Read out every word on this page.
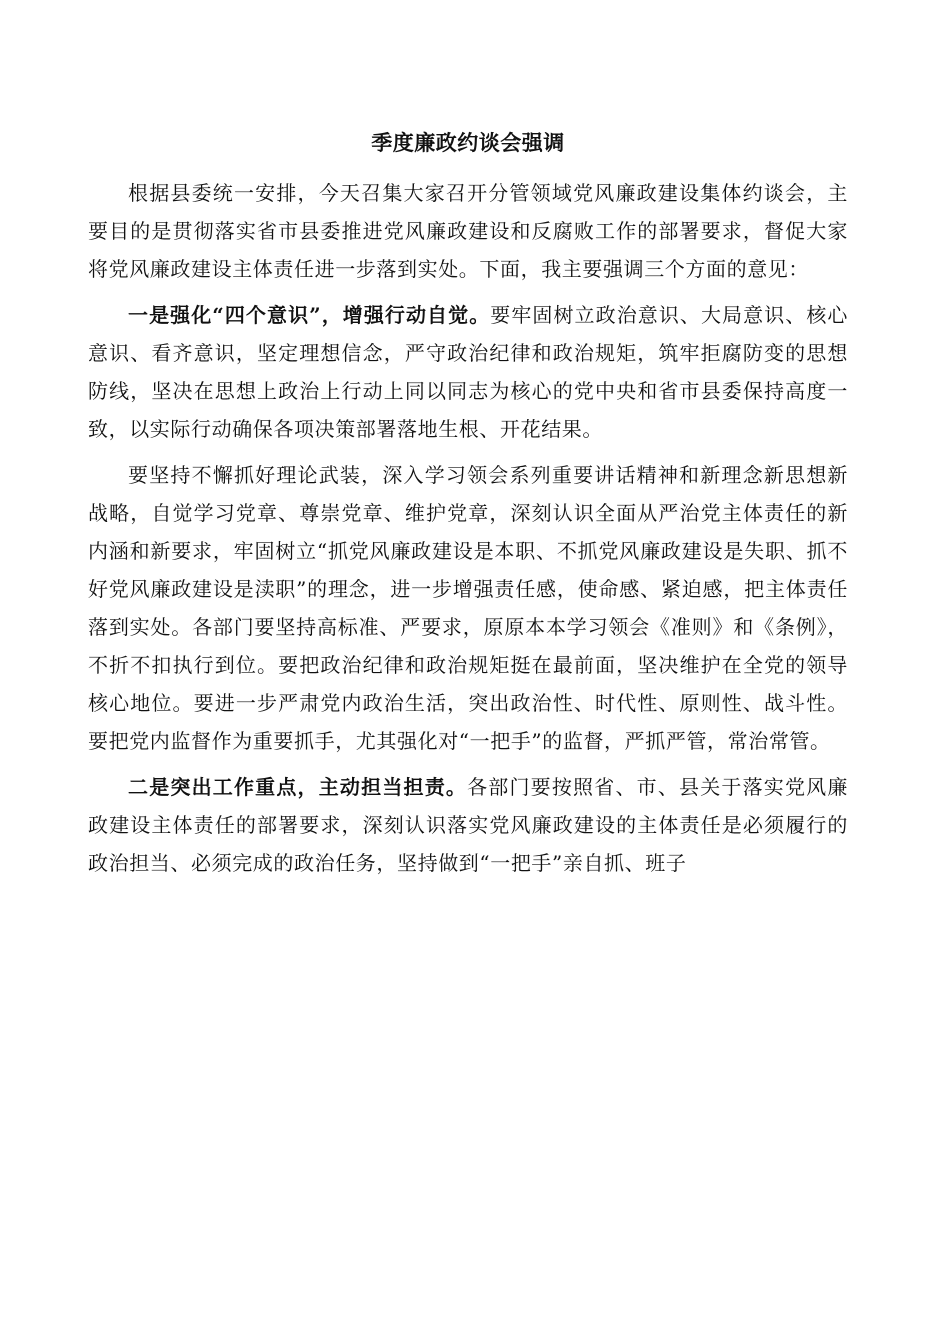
季度廉政约谈会强调

根据县委统一安排，今天召集大家召开分管领域党风廉政建设集体约谈会，主要目的是贯彻落实省市县委推进党风廉政建设和反腐败工作的部署要求，督促大家将党风廉政建设主体责任进一步落到实处。下面，我主要强调三个方面的意见：

一是强化“四个意识”，增强行动自觉。要牢固树立政治意识、大局意识、核心意识、看齐意识，坚定理想信念，严守政治纪律和政治规矩，筑牢拒腐防变的思想防线，坚决在思想上政治上行动上同以同志为核心的党中央和省市县委保持高度一致，以实际行动确保各项决策部署落地生根、开花结果。

要坚持不懈抓好理论武装，深入学习领会系列重要讲话精神和新理念新思想新战略，自觉学习党章、尊崇党章、维护党章，深刻认识全面从严治党主体责任的新内涵和新要求，牢固树立“抓党风廉政建设是本职、不抓党风廉政建设是失职、抓不好党风廉政建设是渎职”的理念，进一步增强责任感，使命感、紧迫感，把主体责任落到实处。各部门要坚持高标准、严要求，原原本本学习领会《准则》和《条例》，不折不扣执行到位。要把政治纪律和政治规矩挺在最前面，坚决维护在全党的领导核心地位。要进一步严肃党内政治生活，突出政治性、时代性、原则性、战斗性。要把党内监督作为重要抓手，尤其强化对“一把手”的监督，严抓严管，常治常管。

二是突出工作重点，主动担当担责。各部门要按照省、市、县关于落实党风廉政建设主体责任的部署要求，深刻认识落实党风廉政建设的主体责任是必须履行的政治担当、必须完成的政治任务，坚持做到“一把手”亲自抓、班子
